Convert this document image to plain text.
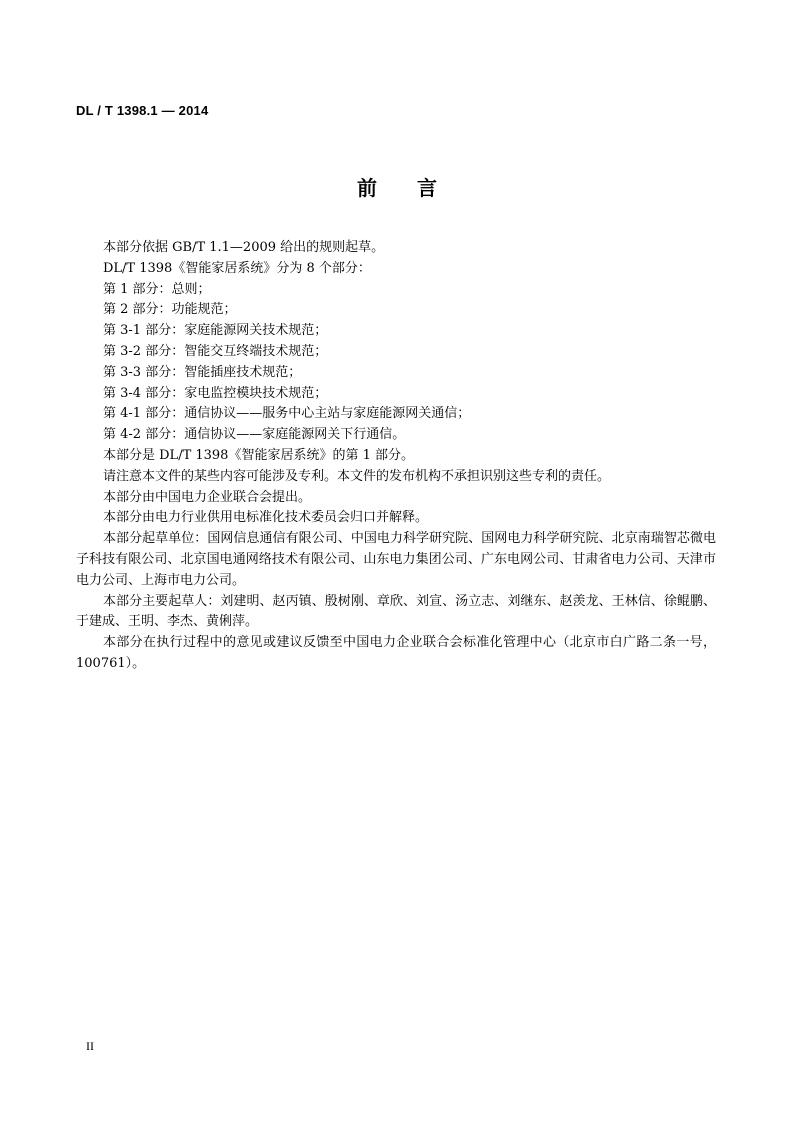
DL / T 1398.1 — 2014
前 言

本部分依据 GB/T 1.1—2009 给出的规则起草。

DL/T 1398《智能家居系统》分为 8 个部分：

第 1 部分：总则；

第 2 部分：功能规范；

第 3-1 部分：家庭能源网关技术规范；

第 3-2 部分：智能交互终端技术规范；

第 3-3 部分：智能插座技术规范；

第 3-4 部分：家电监控模块技术规范；

第 4-1 部分：通信协议——服务中心主站与家庭能源网关通信；

第 4-2 部分：通信协议——家庭能源网关下行通信。

本部分是 DL/T 1398《智能家居系统》的第 1 部分。

请注意本文件的某些内容可能涉及专利。本文件的发布机构不承担识别这些专利的责任。

本部分由中国电力企业联合会提出。

本部分由电力行业供用电标准化技术委员会归口并解释。

本部分起草单位：国网信息通信有限公司、中国电力科学研究院、国网电力科学研究院、北京南瑞智芯微电子科技有限公司、北京国电通网络技术有限公司、山东电力集团公司、广东电网公司、甘肃省电力公司、天津市电力公司、上海市电力公司。

本部分主要起草人：刘建明、赵丙镇、殷树刚、章欣、刘宣、汤立志、刘继东、赵羡龙、王林信、徐鲲鹏、于建成、王明、李杰、黄俐萍。

本部分在执行过程中的意见或建议反馈至中国电力企业联合会标准化管理中心（北京市白广路二条一号，100761）。

II
